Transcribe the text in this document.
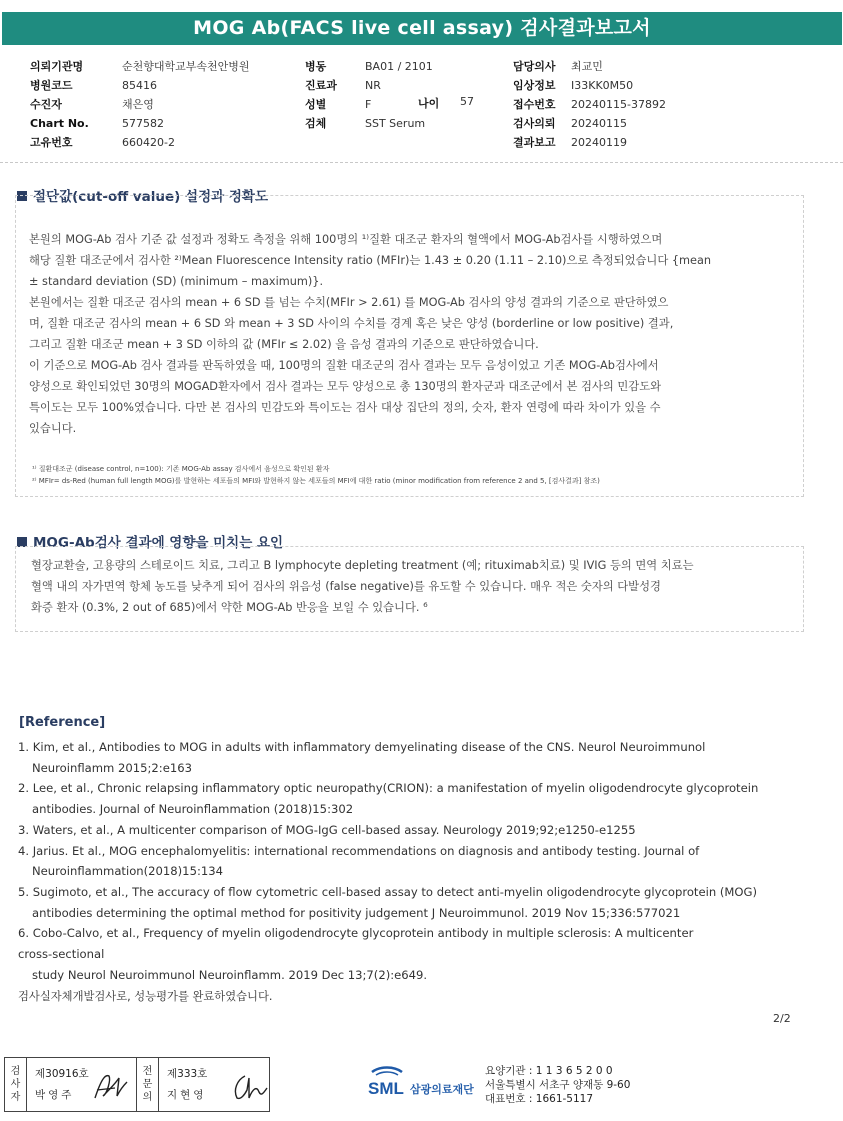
MOG Ab(FACS live cell assay) 검사결과보고서
의뢰기관명	순천향대학교부속천안병원
병원코드	85416
수진자	채은영
Chart No.	577582
고유번호	660420-2
병동	BA01 / 2101
진료과	NR
성별	F
검체	SST Serum
나이 57
담당의사	최교민
임상정보	I33KK0M50
접수번호	20240115-37892
검사의뢰	20240115
결과보고	20240119
절단값(cut-off value) 설정과 정확도

본원의 MOG-Ab 검사 기준 값 설정과 정확도 측정을 위해 100명의 ¹⁾질환 대조군 환자의 혈액에서 MOG-Ab검사를 시행하였으며

해당 질환 대조군에서 검사한 ²⁾Mean Fluorescence Intensity ratio (MFIr)는 1.43 ± 0.20 (1.11 – 2.10)으로 측정되었습니다 {mean

± standard deviation (SD) (minimum – maximum)}.

본원에서는 질환 대조군 검사의 mean + 6 SD 를 넘는 수치(MFIr > 2.61) 를 MOG-Ab 검사의 양성 결과의 기준으로 판단하였으

며, 질환 대조군 검사의 mean + 6 SD 와 mean + 3 SD 사이의 수치를 경계 혹은 낮은 양성 (borderline or low positive) 결과,

그리고 질환 대조군 mean + 3 SD 이하의 값 (MFIr ≤ 2.02) 을 음성 결과의 기준으로 판단하였습니다.

이 기준으로 MOG-Ab 검사 결과를 판독하였을 때, 100명의 질환 대조군의 검사 결과는 모두 음성이었고 기존 MOG-Ab검사에서

양성으로 확인되었던 30명의 MOGAD환자에서 검사 결과는 모두 양성으로 총 130명의 환자군과 대조군에서 본 검사의 민감도와

특이도는 모두 100%였습니다. 다만 본 검사의 민감도와 특이도는 검사 대상 집단의 정의, 숫자, 환자 연령에 따라 차이가 있을 수

있습니다.

¹⁾ 질환대조군 (disease control, n=100): 기존 MOG-Ab assay 검사에서 음성으로 확인된 환자

²⁾ MFIr= ds-Red (human full length MOG)를 발현하는 세포들의 MFI와 발현하지 않는 세포들의 MFI에 대한 ratio (minor modification from reference 2 and 5, [검사결과] 참조)

MOG-Ab검사 결과에 영향을 미치는 요인

혈장교환술, 고용량의 스테로이드 치료, 그리고 B lymphocyte depleting treatment (예; rituximab치료) 및 IVIG 등의 면역 치료는

혈액 내의 자가면역 항체 농도를 낮추게 되어 검사의 위음성 (false negative)를 유도할 수 있습니다. 매우 적은 숫자의 다발성경

화증 환자 (0.3%, 2 out of 685)에서 약한 MOG-Ab 반응을 보일 수 있습니다. ⁶

[Reference]

1. Kim, et al., Antibodies to MOG in adults with inflammatory demyelinating disease of the CNS. Neurol Neuroimmunol

Neuroinflamm 2015;2:e163

2. Lee, et al., Chronic relapsing inflammatory optic neuropathy(CRION): a manifestation of myelin oligodendrocyte glycoprotein

antibodies. Journal of Neuroinflammation (2018)15:302

3. Waters, et al., A multicenter comparison of MOG-IgG cell-based assay. Neurology 2019;92;e1250-e1255

4. Jarius. Et al., MOG encephalomyelitis: international recommendations on diagnosis and antibody testing. Journal of

Neuroinflammation(2018)15:134

5. Sugimoto, et al., The accuracy of flow cytometric cell-based assay to detect anti-myelin oligodendrocyte glycoprotein (MOG)

antibodies determining the optimal method for positivity judgement J Neuroimmunol. 2019 Nov 15;336:577021

6. Cobo-Calvo, et al., Frequency of myelin oligodendrocyte glycoprotein antibody in multiple sclerosis: A multicenter

cross-sectional

study Neurol Neuroimmunol Neuroinflamm. 2019 Dec 13;7(2):e649.

검사실자체개발검사로, 성능평가를 완료하였습니다.
2/2
검
사
자
제30916호
박영주
전
문
의
제333호
지현영	SML 삼광의료재단

요양기관 : 1 1 3 6 5 2 0 0

서울특별시 서초구 양재동 9-60

대표번호 : 1661-5117
